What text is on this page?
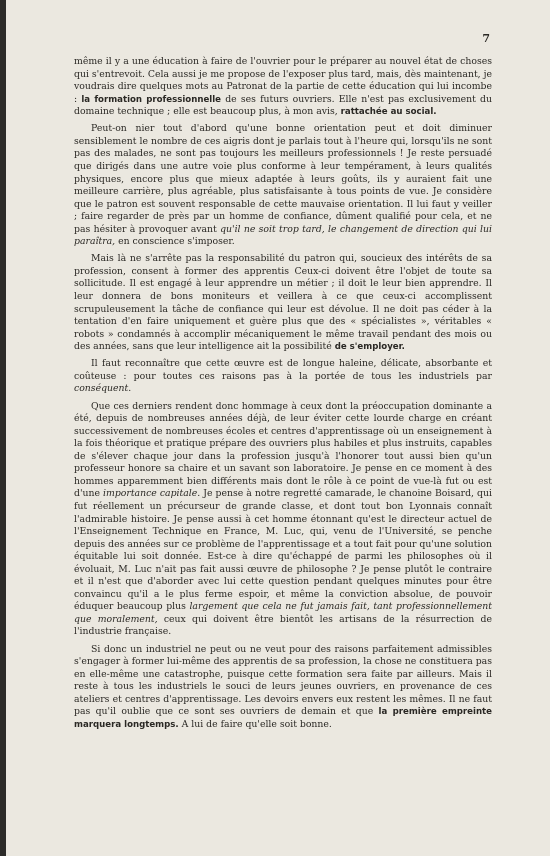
7

même il y a une éducation à faire de l'ouvrier pour le préparer au nouvel état de choses qui s'entrevoit. Cela aussi je me propose de l'exposer plus tard, mais, dès maintenant, je voudrais dire quelques mots au Patronat de la partie de cette éducation qui lui incombe : la formation professionnelle de ses futurs ouvriers. Elle n'est pas exclusivement du domaine technique ; elle est beaucoup plus, à mon avis, rattachée au social.

Peut-on nier tout d'abord qu'une bonne orientation peut et doit diminuer sensiblement le nombre de ces aigris dont je parlais tout à l'heure qui, lorsqu'ils ne sont pas des malades, ne sont pas toujours les meilleurs professionnels ! Je reste persuadé que dirigés dans une autre voie plus conforme à leur tempérament, à leurs qualités physiques, encore plus que mieux adaptée à leurs goûts, ils y auraient fait une meilleure carrière, plus agréable, plus satisfaisante à tous points de vue. Je considère que le patron est souvent responsable de cette mauvaise orientation. Il lui faut y veiller ; faire regarder de près par un homme de confiance, dûment qualifié pour cela, et ne pas hésiter à provoquer avant qu'il ne soit trop tard, le changement de direction qui lui paraîtra, en conscience s'imposer.

Mais là ne s'arrête pas la responsabilité du patron qui, soucieux des intérêts de sa profession, consent à former des apprentis Ceux-ci doivent être l'objet de toute sa sollicitude. Il est engagé à leur apprendre un métier ; il doit le leur bien apprendre. Il leur donnera de bons moniteurs et veillera à ce que ceux-ci accomplissent scrupuleusement la tâche de confiance qui leur est dévolue. Il ne doit pas céder à la tentation d'en faire uniquement et guère plus que des « spécialistes », véritables « robots » condamnés à accomplir mécaniquement le même travail pendant des mois ou des années, sans que leur intelligence ait la possibilité de s'employer.

Il faut reconnaître que cette œuvre est de longue haleine, délicate, absorbante et coûteuse : pour toutes ces raisons pas à la portée de tous les industriels par conséquent.

Que ces derniers rendent donc hommage à ceux dont la préoccupation dominante a été, depuis de nombreuses années déjà, de leur éviter cette lourde charge en créant successivement de nombreuses écoles et centres d'apprentissage où un enseignement à la fois théorique et pratique prépare des ouvriers plus habiles et plus instruits, capables de s'élever chaque jour dans la profession jusqu'à l'honorer tout aussi bien qu'un professeur honore sa chaire et un savant son laboratoire. Je pense en ce moment à des hommes apparemment bien différents mais dont le rôle à ce point de vue-là fut ou est d'une importance capitale. Je pense à notre regretté camarade, le chanoine Boisard, qui fut réellement un précurseur de grande classe, et dont tout bon Lyonnais connaît l'admirable histoire. Je pense aussi à cet homme étonnant qu'est le directeur actuel de l'Enseignement Technique en France, M. Luc, qui, venu de l'Université, se penche depuis des années sur ce problème de l'apprentissage et a tout fait pour qu'une solution équitable lui soit donnée. Est-ce à dire qu'échappé de parmi les philosophes où il évoluait, M. Luc n'ait pas fait aussi œuvre de philosophe ? Je pense plutôt le contraire et il n'est que d'aborder avec lui cette question pendant quelques minutes pour être convaincu qu'il a le plus ferme espoir, et même la conviction absolue, de pouvoir éduquer beaucoup plus largement que cela ne fut jamais fait, tant professionnellement que moralement, ceux qui doivent être bientôt les artisans de la résurrection de l'industrie française.

Si donc un industriel ne peut ou ne veut pour des raisons parfaitement admissibles s'engager à former lui-même des apprentis de sa profession, la chose ne constituera pas en elle-même une catastrophe, puisque cette formation sera faite par ailleurs. Mais il reste à tous les industriels le souci de leurs jeunes ouvriers, en provenance de ces ateliers et centres d'apprentissage. Les devoirs envers eux restent les mêmes. Il ne faut pas qu'il oublie que ce sont ses ouvriers de demain et que la première empreinte marquera longtemps. A lui de faire qu'elle soit bonne.
